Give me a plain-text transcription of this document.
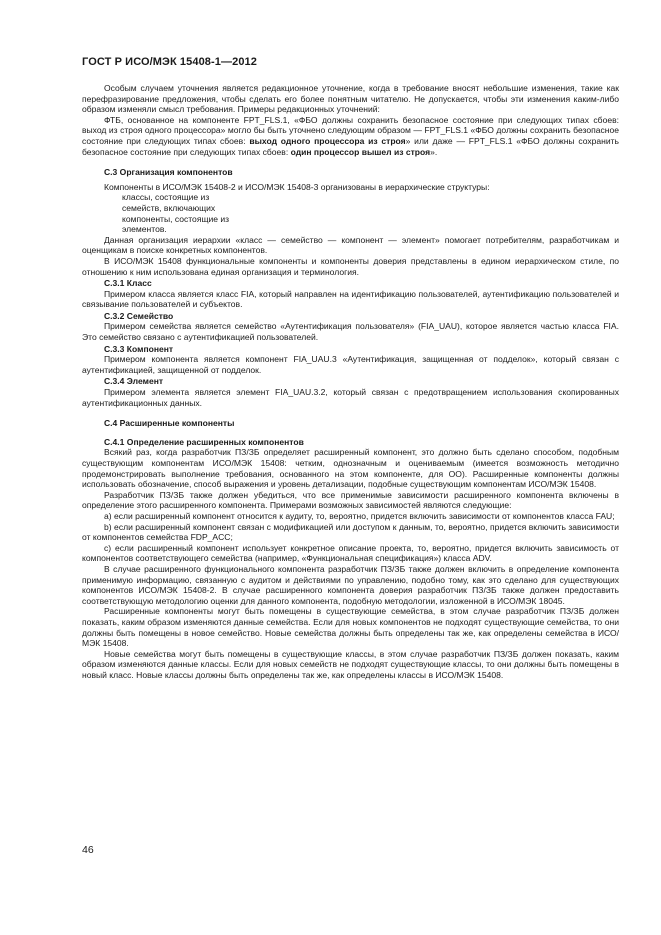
ГОСТ Р ИСО/МЭК 15408-1—2012

Особым случаем уточнения является редакционное уточнение, когда в требование вносят небольшие изменения, такие как перефразирование предложения, чтобы сделать его более понятным читателю. Не допускается, чтобы эти изменения каким-либо образом изменяли смысл требования. Примеры редакционных уточнений:

ФТБ, основанное на компоненте FPT_FLS.1, «ФБО должны сохранить безопасное состояние при следующих типах сбоев: выход из строя одного процессора» могло бы быть уточнено следующим образом — FPT_FLS.1 «ФБО должны сохранить безопасное состояние при следующих типах сбоев: выход одного процессора из строя» или даже — FPT_FLS.1 «ФБО должны сохранить безопасное состояние при следующих типах сбоев: один процессор вышел из строя».

С.3 Организация компонентов

Компоненты в ИСО/МЭК 15408-2 и ИСО/МЭК 15408-3 организованы в иерархические структуры:

классы, состоящие из

семейств, включающих

компоненты, состоящие из

элементов.

Данная организация иерархии «класс — семейство — компонент — элемент» помогает потребителям, разработчикам и оценщикам в поиске конкретных компонентов.

В ИСО/МЭК 15408 функциональные компоненты и компоненты доверия представлены в едином иерархическом стиле, по отношению к ним использована единая организация и терминология.

С.3.1 Класс

Примером класса является класс FIA, который направлен на идентификацию пользователей, аутентификацию пользователей и связывание пользователей и субъектов.

С.3.2 Семейство

Примером семейства является семейство «Аутентификация пользователя» (FIA_UAU), которое является частью класса FIA. Это семейство связано с аутентификацией пользователей.

С.3.3 Компонент

Примером компонента является компонент FIA_UAU.3 «Аутентификация, защищенная от подделок», который связан с аутентификацией, защищенной от подделок.

С.3.4 Элемент

Примером элемента является элемент FIA_UAU.3.2, который связан с предотвращением использования скопированных аутентификационных данных.

С.4 Расширенные компоненты
С.4.1 Определение расширенных компонентов

Всякий раз, когда разработчик ПЗ/ЗБ определяет расширенный компонент, это должно быть сделано способом, подобным существующим компонентам ИСО/МЭК 15408: четким, однозначным и оцениваемым (имеется возможность методично продемонстрировать выполнение требования, основанного на этом компоненте, для ОО). Расширенные компоненты должны использовать обозначение, способ выражения и уровень детализации, подобные существующим компонентам ИСО/МЭК 15408.

Разработчик ПЗ/ЗБ также должен убедиться, что все применимые зависимости расширенного компонента включены в определение этого расширенного компонента. Примерами возможных зависимостей являются следующие:

а) если расширенный компонент относится к аудиту, то, вероятно, придется включить зависимости от компонентов класса FAU;

b) если расширенный компонент связан с модификацией или доступом к данным, то, вероятно, придется включить зависимости от компонентов семейства FDP_ACC;

с) если расширенный компонент использует конкретное описание проекта, то, вероятно, придется включить зависимость от компонентов соответствующего семейства (например, «Функциональная спецификация») класса ADV.

В случае расширенного функционального компонента разработчик ПЗ/ЗБ также должен включить в определение компонента применимую информацию, связанную с аудитом и действиями по управлению, подобно тому, как это сделано для существующих компонентов ИСО/МЭК 15408-2. В случае расширенного компонента доверия разработчик ПЗ/ЗБ также должен предоставить соответствующую методологию оценки для данного компонента, подобную методологии, изложенной в ИСО/МЭК 18045.

Расширенные компоненты могут быть помещены в существующие семейства, в этом случае разработчик ПЗ/ЗБ должен показать, каким образом изменяются данные семейства. Если для новых компонентов не подходят существующие семейства, то они должны быть помещены в новое семейство. Новые семейства должны быть определены так же, как определены семейства в ИСО/МЭК 15408.

Новые семейства могут быть помещены в существующие классы, в этом случае разработчик ПЗ/ЗБ должен показать, каким образом изменяются данные классы. Если для новых семейств не подходят существующие классы, то они должны быть помещены в новый класс. Новые классы должны быть определены так же, как определены классы в ИСО/МЭК 15408.

46
